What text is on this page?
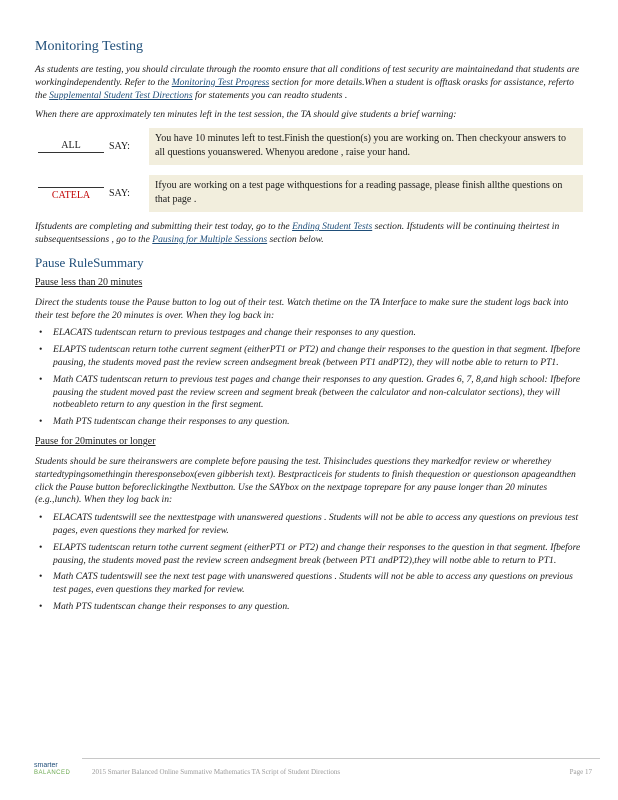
Monitoring Testing

As students are testing, you should circulate through the roomto ensure that all conditions of test security are maintainedand that students are workingindependently. Refer to the Monitoring Test Progress section for more details.When a student is offtask orasks for assistance, referto the Supplemental Student Test Directions for statements you can readto students .

When there are approximately ten minutes left in the test session, the TA should give students a brief warning:

ALL	SAY:
You have 10 minutes left to test.Finish the question(s) you are working on. Then checkyour answers to all questions youanswered. Whenyou aredone , raise your hand.
CATELA	SAY:
Ifyou are working on a test page withquestions for a reading passage, please finish allthe questions on that page .

Ifstudents are completing and submitting their test today, go to the Ending Student Tests section. Ifstudents will be continuing theirtest in subsequentsessions , go to the Pausing for Multiple Sessions section below.

Pause RuleSummary
Pause less than 20 minutes

Direct the students touse the Pause button to log out of their test. Watch thetime on the TA Interface to make sure the student logs back into their test before the 20 minutes is over. When they log back in:

• ELACATS tudentscan return to previous testpages and change their responses to any question.
• ELAPTS tudentscan return tothe current segment (eitherPT1 or PT2) and change their responses to the question in that segment. Ifbefore pausing, the students moved past the review screen andsegment break (between PT1 andPT2), they will notbe able to return to PT1.
• Math CATS tudentscan return to previous test pages and change their responses to any question. Grades 6, 7, 8,and high school: Ifbefore pausing the student moved past the review screen and segment break (between the calculator and non-calculator sections), they will notbeableto return to any question in the first segment.
• Math PTS tudentscan change their responses to any question.
Pause for 20minutes or longer

Students should be sure theiranswers are complete before pausing the test. Thisincludes questions they markedfor review or wherethey startedtypingsomethingin theresponsebox(even gibberish text). Bestpracticeis for students to finish thequestion or questionson apageandthen click the Pause button beforeclickingthe Nextbutton. Use the SAYbox on the nextpage toprepare for any pause longer than 20 minutes (e.g.,lunch). When they log back in:

• ELACATS tudentswill see the nexttestpage with unanswered questions . Students will not be able to access any questions on previous test pages, even questions they marked for review.
• ELAPTS tudentscan return tothe current segment (eitherPT1 or PT2) and change their responses to the question in that segment. Ifbefore pausing, the students moved past the review screen andsegment break (between PT1 andPT2),they will notbe able to return to PT1.
• Math CATS tudentswill see the next test page with unanswered questions . Students will not be able to access any questions on previous test pages, even questions they marked for review.
• Math PTS tudentscan change their responses to any question.
smarter
BALANCED	2015 Smarter Balanced Online Summative Mathematics TA Script of Student Directions	Page 17
